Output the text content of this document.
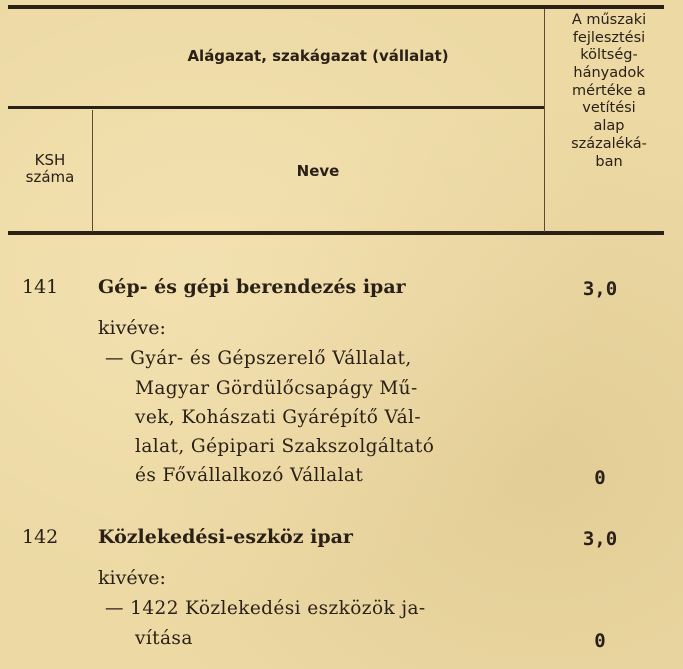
Alágazat, szakágazat (vállalat)
KSH
száma	Neve
A műszaki
fejlesztési
költség-
hányadok
mértéke a
vetítési
alap
százaléká-
ban
141 Gép- és gépi berendezés ipar	3,0
kivéve:
— Gyár- és Gépszerelő Vállalat,
Magyar Gördülőcsapágy Mű-
vek, Kohászati Gyárépítő Vál-
lalat, Gépipari Szakszolgáltató
és Fővállalkozó Vállalat	0
142 Közlekedési-eszköz ipar	3,0
kivéve:
— 1422 Közlekedési eszközök ja-
vítása	0
